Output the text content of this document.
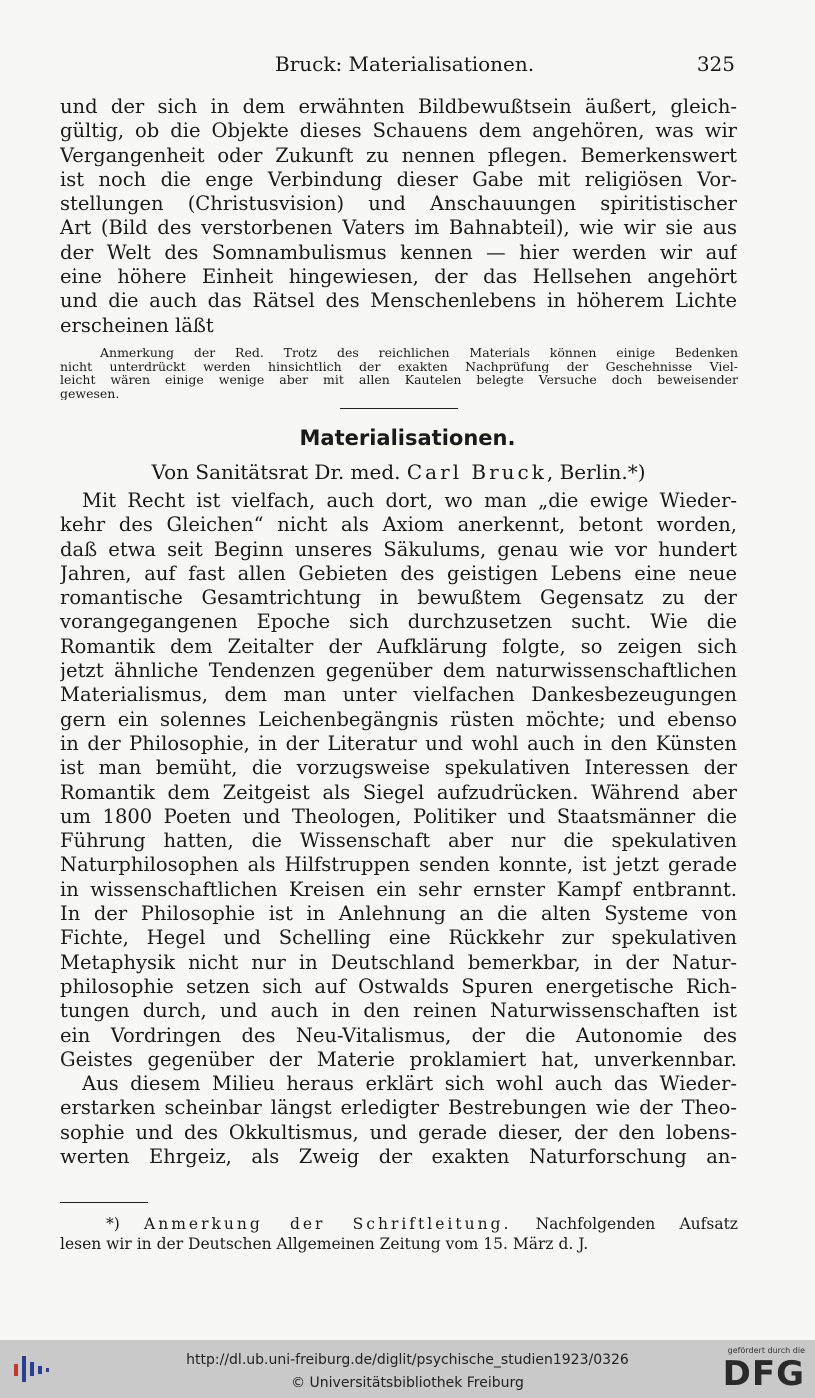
Bruck: Materialisationen.	325
und der sich in dem erwähnten Bildbewußtsein äußert, gleich-
gültig, ob die Objekte dieses Schauens dem angehören, was wir
Vergangenheit oder Zukunft zu nennen pflegen. Bemerkenswert
ist noch die enge Verbindung dieser Gabe mit religiösen Vor-
stellungen (Christusvision) und Anschauungen spiritistischer
Art (Bild des verstorbenen Vaters im Bahnabteil), wie wir sie aus
der Welt des Somnambulismus kennen — hier werden wir auf
eine höhere Einheit hingewiesen, der das Hellsehen angehört
und die auch das Rätsel des Menschenlebens in höherem Lichte
erscheinen läßt
Anmerkung der Red. Trotz des reichlichen Materials können einige Bedenken
nicht unterdrückt werden hinsichtlich der exakten Nachprüfung der Geschehnisse Viel-
leicht wären einige wenige aber mit allen Kautelen belegte Versuche doch beweisender
gewesen.
Materialisationen.
Von Sanitätsrat Dr. med. Carl Bruck, Berlin.*)
Mit Recht ist vielfach, auch dort, wo man „die ewige Wieder-
kehr des Gleichen“ nicht als Axiom anerkennt, betont worden,
daß etwa seit Beginn unseres Säkulums, genau wie vor hundert
Jahren, auf fast allen Gebieten des geistigen Lebens eine neue
romantische Gesamtrichtung in bewußtem Gegensatz zu der
vorangegangenen Epoche sich durchzusetzen sucht. Wie die
Romantik dem Zeitalter der Aufklärung folgte, so zeigen sich
jetzt ähnliche Tendenzen gegenüber dem naturwissenschaftlichen
Materialismus, dem man unter vielfachen Dankesbezeugungen
gern ein solennes Leichenbegängnis rüsten möchte; und ebenso
in der Philosophie, in der Literatur und wohl auch in den Künsten
ist man bemüht, die vorzugsweise spekulativen Interessen der
Romantik dem Zeitgeist als Siegel aufzudrücken. Während aber
um 1800 Poeten und Theologen, Politiker und Staatsmänner die
Führung hatten, die Wissenschaft aber nur die spekulativen
Naturphilosophen als Hilfstruppen senden konnte, ist jetzt gerade
in wissenschaftlichen Kreisen ein sehr ernster Kampf entbrannt.
In der Philosophie ist in Anlehnung an die alten Systeme von
Fichte, Hegel und Schelling eine Rückkehr zur spekulativen
Metaphysik nicht nur in Deutschland bemerkbar, in der Natur-
philosophie setzen sich auf Ostwalds Spuren energetische Rich-
tungen durch, und auch in den reinen Naturwissenschaften ist
ein Vordringen des Neu-Vitalismus, der die Autonomie des
Geistes gegenüber der Materie proklamiert hat, unverkennbar.
Aus diesem Milieu heraus erklärt sich wohl auch das Wieder-
erstarken scheinbar längst erledigter Bestrebungen wie der Theo-
sophie und des Okkultismus, und gerade dieser, der den lobens-
werten Ehrgeiz, als Zweig der exakten Naturforschung an-
*) Anmerkung der Schriftleitung. Nachfolgenden Aufsatz
lesen wir in der Deutschen Allgemeinen Zeitung vom 15. März d. J.
http://dl.ub.uni-freiburg.de/diglit/psychische_studien1923/0326
© Universitätsbibliothek Freiburg
gefördert durch die
DFG
